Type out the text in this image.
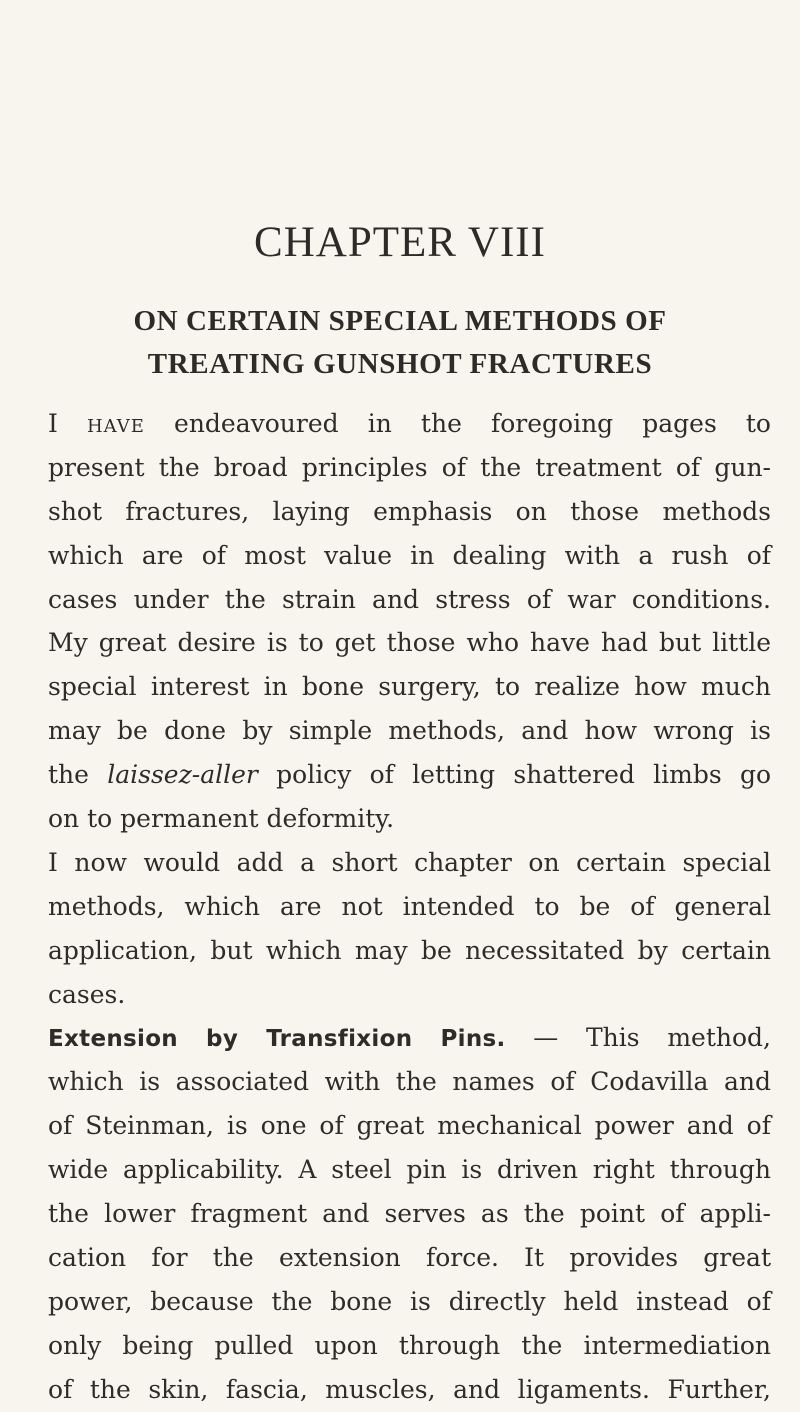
CHAPTER VIII
ON CERTAIN SPECIAL METHODS OF
TREATING GUNSHOT FRACTURES
I have endeavoured in the foregoing pages to
present the broad principles of the treatment of gun-
shot fractures, laying emphasis on those methods
which are of most value in dealing with a rush of
cases under the strain and stress of war conditions.
My great desire is to get those who have had but little
special interest in bone surgery, to realize how much
may be done by simple methods, and how wrong is
the laissez-aller policy of letting shattered limbs go
on to permanent deformity.
I now would add a short chapter on certain special
methods, which are not intended to be of general
application, but which may be necessitated by certain
cases.
Extension by Transfixion Pins. — This method,
which is associated with the names of Codavilla and
of Steinman, is one of great mechanical power and of
wide applicability. A steel pin is driven right through
the lower fragment and serves as the point of appli-
cation for the extension force. It provides great
power, because the bone is directly held instead of
only being pulled upon through the intermediation
of the skin, fascia, muscles, and ligaments. Further,
